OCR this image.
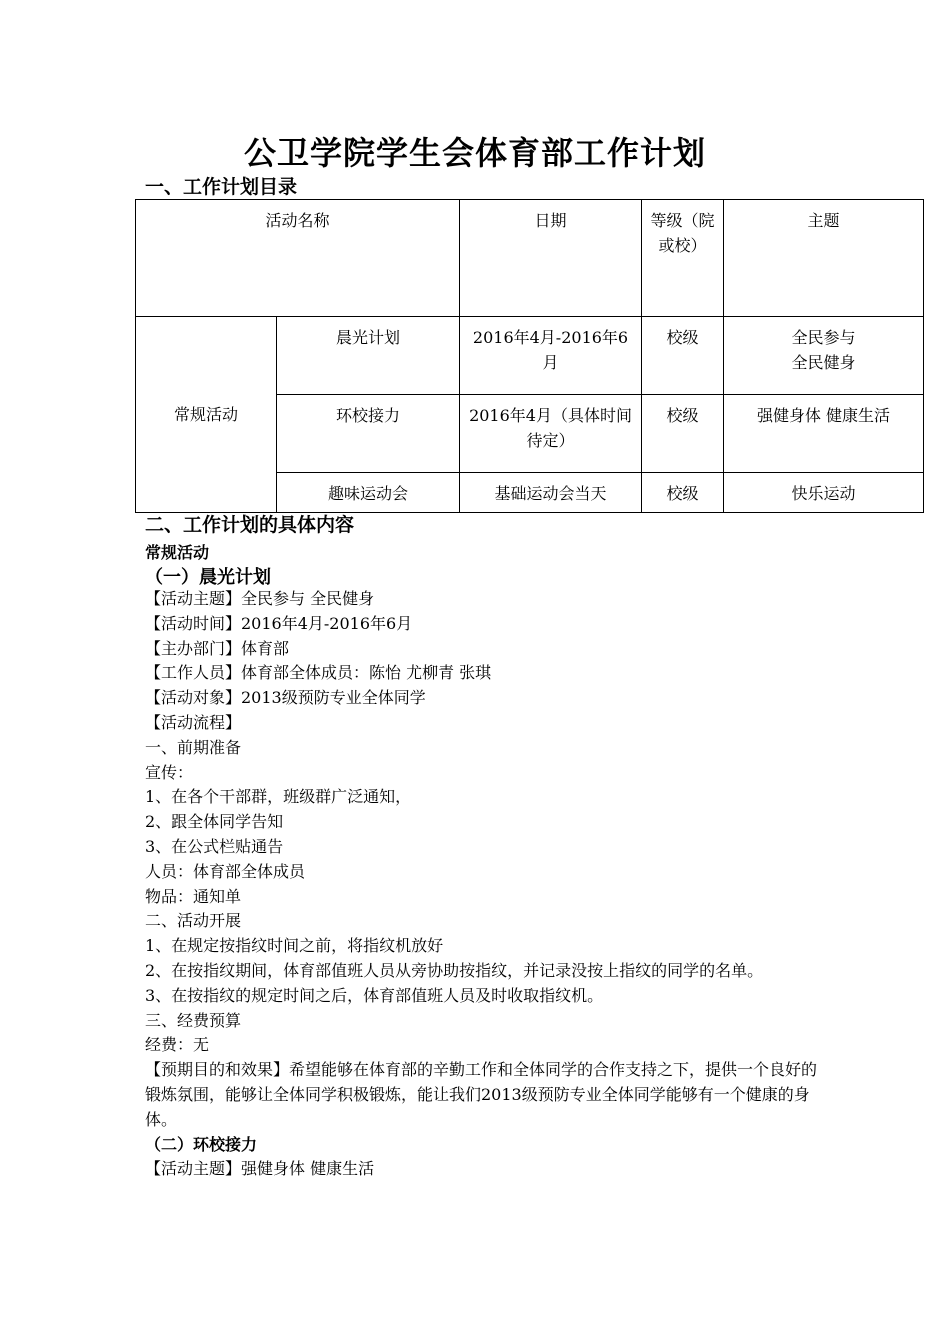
公卫学院学生会体育部工作计划
一、工作计划目录
活动名称		日期	等级（院或校）	主题
常规活动	晨光计划	2016年4月-2016年6月	校级	全民参与
全民健身
	环校接力	2016年4月（具体时间待定）	校级	强健身体 健康生活
	趣味运动会	基础运动会当天	校级	快乐运动
二、工作计划的具体内容
常规活动
（一）晨光计划

【活动主题】全民参与 全民健身

【活动时间】2016年4月-2016年6月

【主办部门】体育部

【工作人员】体育部全体成员：陈怡 尤柳青 张琪

【活动对象】2013级预防专业全体同学

【活动流程】

一、前期准备

宣传：

1、在各个干部群，班级群广泛通知，

2、跟全体同学告知

3、在公式栏贴通告

人员：体育部全体成员

物品：通知单

二、活动开展

1、在规定按指纹时间之前，将指纹机放好

2、在按指纹期间，体育部值班人员从旁协助按指纹，并记录没按上指纹的同学的名单。

3、在按指纹的规定时间之后，体育部值班人员及时收取指纹机。

三、经费预算

经费：无

【预期目的和效果】希望能够在体育部的辛勤工作和全体同学的合作支持之下，提供一个良好的锻炼氛围，能够让全体同学积极锻炼，能让我们2013级预防专业全体同学能够有一个健康的身体。

（二）环校接力

【活动主题】强健身体 健康生活
